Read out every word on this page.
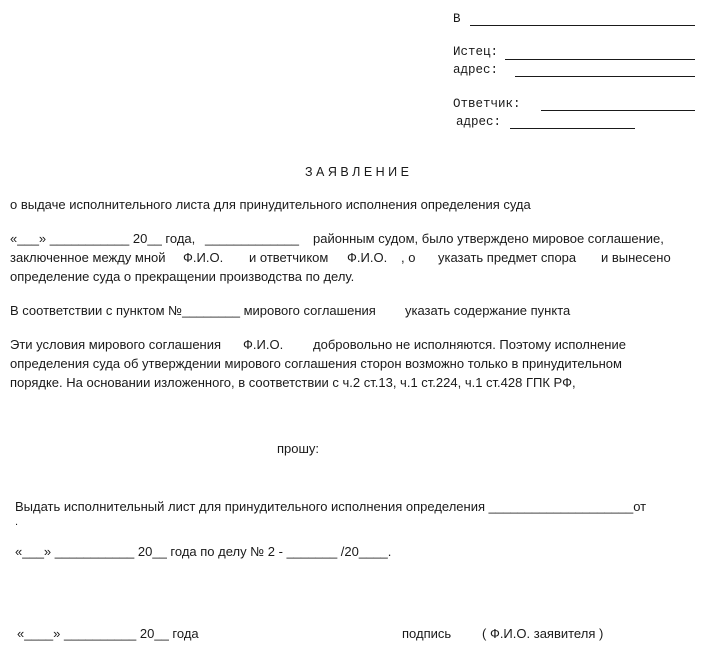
В
Истец:
адрес:
Ответчик:
адрес:
З А Я В Л Е Н И Е
о выдаче исполнительного листа для принудительного исполнения определения суда
«___» ___________ 20__ года, _____________ районным судом, было утверждено мировое соглашение,
заключенное между мной Ф.И.О. и ответчиком Ф.И.О. , о указать предмет спора и вынесено
определение суда о прекращении производства по делу.
В соответствии с пунктом №________ мирового соглашения указать содержание пункта
Эти условия мирового соглашения Ф.И.О. добровольно не исполняются. Поэтому исполнение
определения суда об утверждении мирового соглашения сторон возможно только в принудительном
порядке. На основании изложенного, в соответствии с ч.2 ст.13, ч.1 ст.224, ч.1 ст.428 ГПК РФ,
прошу:
Выдать исполнительный лист для принудительного исполнения определения ____________________от
.
«___» ___________ 20__ года по делу № 2 - _______ /20____.
«____» __________ 20__ года	подпись ( Ф.И.О. заявителя )
